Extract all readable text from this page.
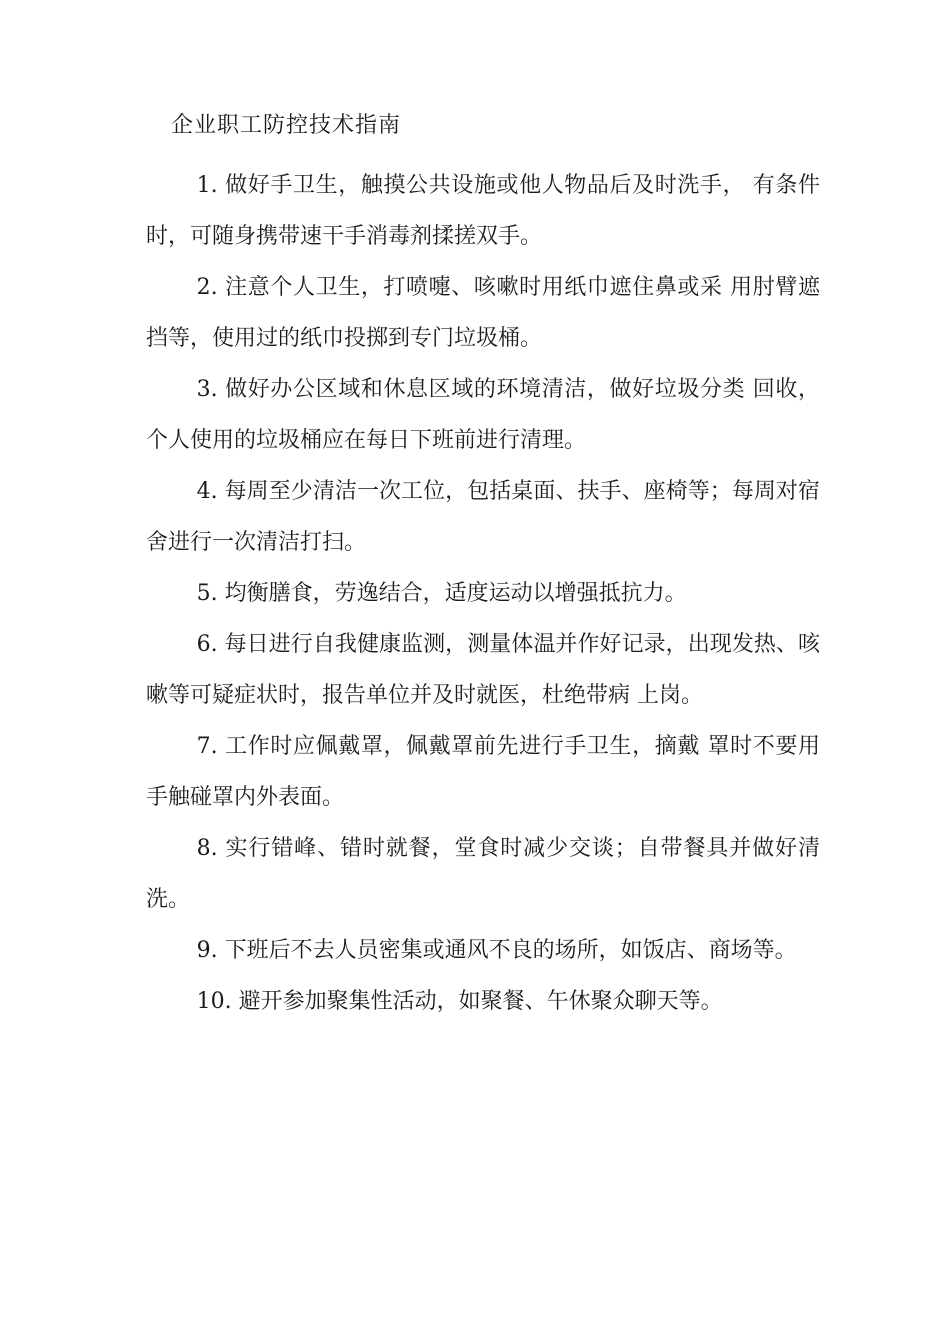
企业职工防控技术指南

1. 做好手卫生，触摸公共设施或他人物品后及时洗手， 有条件时，可随身携带速干手消毒剂揉搓双手。

2. 注意个人卫生，打喷嚏、咳嗽时用纸巾遮住鼻或采 用肘臂遮挡等，使用过的纸巾投掷到专门垃圾桶。

3. 做好办公区域和休息区域的环境清洁，做好垃圾分类 回收，个人使用的垃圾桶应在每日下班前进行清理。

4. 每周至少清洁一次工位，包括桌面、扶手、座椅等；每周对宿舍进行一次清洁打扫。

5. 均衡膳食，劳逸结合，适度运动以增强抵抗力。

6. 每日进行自我健康监测，测量体温并作好记录，出现发热、咳嗽等可疑症状时，报告单位并及时就医，杜绝带病 上岗。

7. 工作时应佩戴罩，佩戴罩前先进行手卫生，摘戴 罩时不要用手触碰罩内外表面。

8. 实行错峰、错时就餐，堂食时减少交谈；自带餐具并做好清洗。

9. 下班后不去人员密集或通风不良的场所，如饭店、商场等。

10. 避开参加聚集性活动，如聚餐、午休聚众聊天等。
